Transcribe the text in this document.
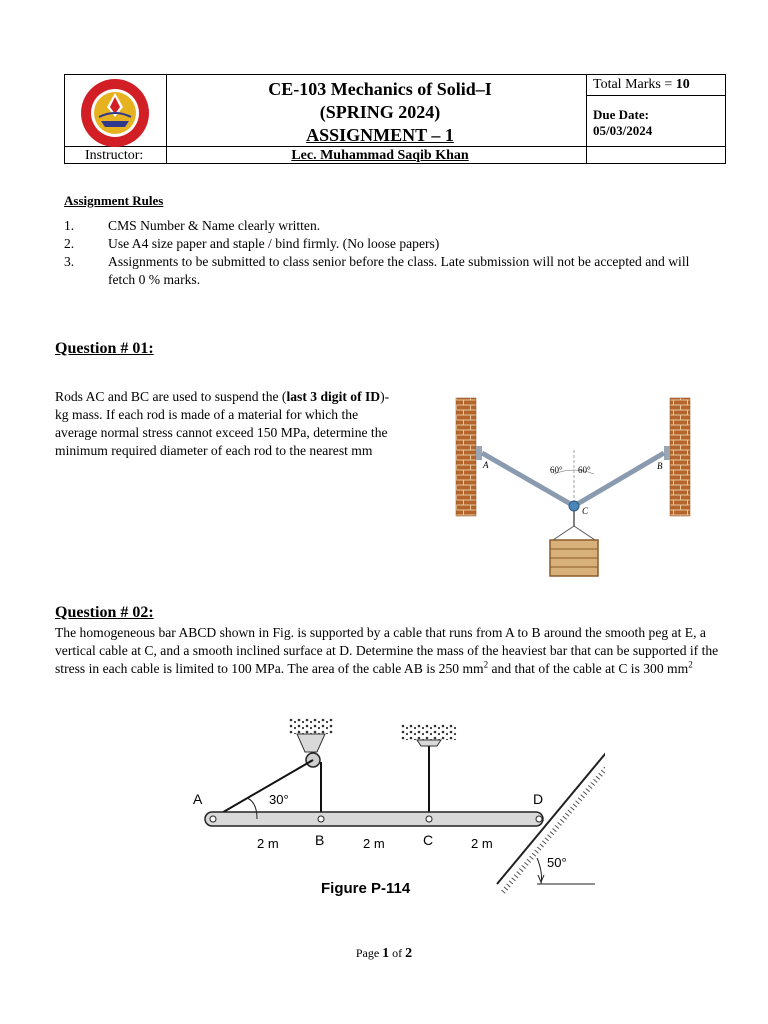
CE-103 Mechanics of Solid–I
(SPRING 2024)
ASSIGNMENT – 1
Total Marks = 10
Due Date:
05/03/2024
Instructor:	Lec. Muhammad Saqib Khan
Assignment Rules
1. CMS Number & Name clearly written.
2. Use A4 size paper and staple / bind firmly. (No loose papers)
3. Assignments to be submitted to class senior before the class. Late submission will not be accepted and will fetch 0 % marks.
Question # 01:
Rods AC and BC are used to suspend the (last 3 digit of ID)-kg mass. If each rod is made of a material for which the average normal stress cannot exceed 150 MPa, determine the minimum required diameter of each rod to the nearest mm
A	B
C
60° 60°
Question # 02:
The homogeneous bar ABCD shown in Fig. is supported by a cable that runs from A to B around the smooth peg at E, a vertical cable at C, and a smooth inclined surface at D. Determine the mass of the heaviest bar that can be supported if the stress in each cable is limited to 100 MPa. The area of the cable AB is 250 $mm^2$ and that of the cable at C is 300 $mm^2$
A
B	C
D
30°
50°
2 m	2 m	2 m
Figure P-114
Page 1 of 2
